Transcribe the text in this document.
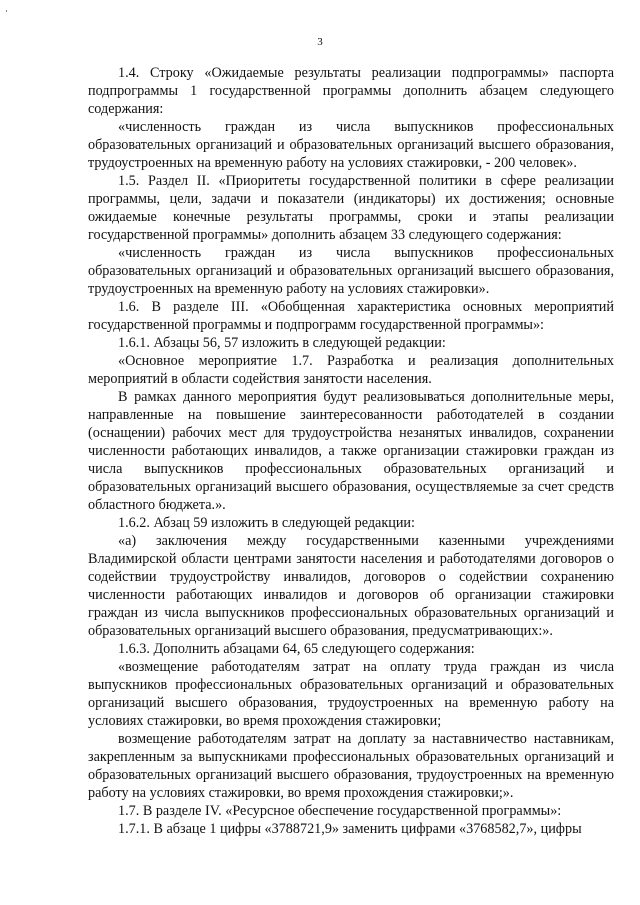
3

1.4. Строку «Ожидаемые результаты реализации подпрограммы» паспорта подпрограммы 1 государственной программы дополнить абзацем следующего содержания:

«численность граждан из числа выпускников профессиональных образовательных организаций и образовательных организаций высшего образования, трудоустроенных на временную работу на условиях стажировки, - 200 человек».

1.5. Раздел II. «Приоритеты государственной политики в сфере реализации программы, цели, задачи и показатели (индикаторы) их достижения; основные ожидаемые конечные результаты программы, сроки и этапы реализации государственной программы» дополнить абзацем 33 следующего содержания:

«численность граждан из числа выпускников профессиональных образовательных организаций и образовательных организаций высшего образования, трудоустроенных на временную работу на условиях стажировки».

1.6. В разделе III. «Обобщенная характеристика основных мероприятий государственной программы и подпрограмм государственной программы»:

1.6.1. Абзацы 56, 57 изложить в следующей редакции:

«Основное мероприятие 1.7. Разработка и реализация дополнительных мероприятий в области содействия занятости населения.

В рамках данного мероприятия будут реализовываться дополнительные меры, направленные на повышение заинтересованности работодателей в создании (оснащении) рабочих мест для трудоустройства незанятых инвалидов, сохранении численности работающих инвалидов, а также организации стажировки граждан из числа выпускников профессиональных образовательных организаций и образовательных организаций высшего образования, осуществляемые за счет средств областного бюджета.».

1.6.2. Абзац 59 изложить в следующей редакции:

«а) заключения между государственными казенными учреждениями Владимирской области центрами занятости населения и работодателями договоров о содействии трудоустройству инвалидов, договоров о содействии сохранению численности работающих инвалидов и договоров об организации стажировки граждан из числа выпускников профессиональных образовательных организаций и образовательных организаций высшего образования, предусматривающих:».

1.6.3. Дополнить абзацами 64, 65 следующего содержания:

«возмещение работодателям затрат на оплату труда граждан из числа выпускников профессиональных образовательных организаций и образовательных организаций высшего образования, трудоустроенных на временную работу на условиях стажировки, во время прохождения стажировки;

возмещение работодателям затрат на доплату за наставничество наставникам, закрепленным за выпускниками профессиональных образовательных организаций и образовательных организаций высшего образования, трудоустроенных на временную работу на условиях стажировки, во время прохождения стажировки;».

1.7. В разделе IV. «Ресурсное обеспечение государственной программы»:

1.7.1. В абзаце 1 цифры «3788721,9» заменить цифрами «3768582,7», цифры
